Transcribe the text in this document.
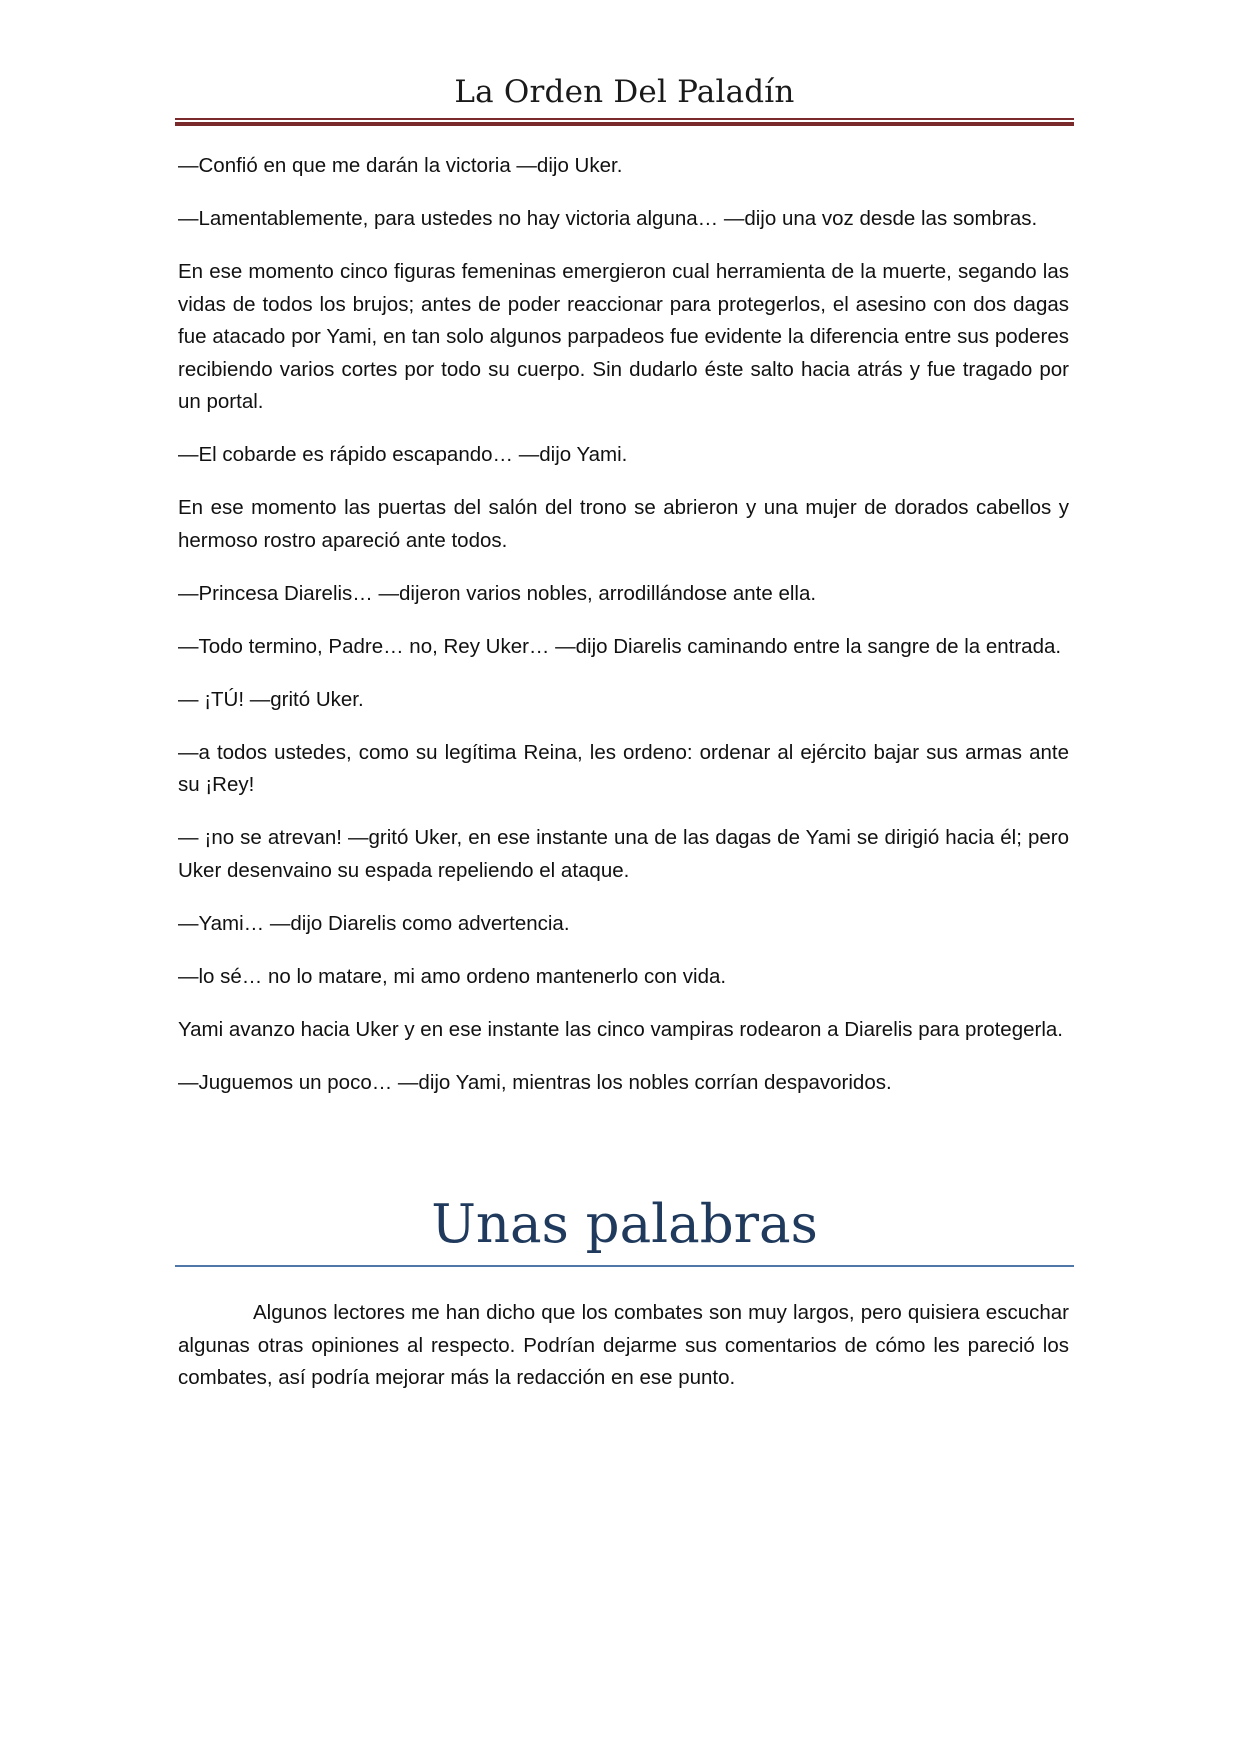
La Orden Del Paladín

—Confió en que me darán la victoria —dijo Uker.

—Lamentablemente, para ustedes no hay victoria alguna… —dijo una voz desde las sombras.

En ese momento cinco figuras femeninas emergieron cual herramienta de la muerte, segando las vidas de todos los brujos; antes de poder reaccionar para protegerlos, el asesino con dos dagas fue atacado por Yami, en tan solo algunos parpadeos fue evidente la diferencia entre sus poderes recibiendo varios cortes por todo su cuerpo. Sin dudarlo éste salto hacia atrás y fue tragado por un portal.

—El cobarde es rápido escapando… —dijo Yami.

En ese momento las puertas del salón del trono se abrieron y una mujer de dorados cabellos y hermoso rostro apareció ante todos.

—Princesa Diarelis… —dijeron varios nobles, arrodillándose ante ella.

—Todo termino, Padre… no, Rey Uker… —dijo Diarelis caminando entre la sangre de la entrada.

— ¡TÚ! —gritó Uker.

—a todos ustedes, como su legítima Reina, les ordeno: ordenar al ejército bajar sus armas ante su ¡Rey!

— ¡no se atrevan! —gritó Uker, en ese instante una de las dagas de Yami se dirigió hacia él; pero Uker desenvaino su espada repeliendo el ataque.

—Yami… —dijo Diarelis como advertencia.

—lo sé… no lo matare, mi amo ordeno mantenerlo con vida.

Yami avanzo hacia Uker y en ese instante las cinco vampiras rodearon a Diarelis para protegerla.

—Juguemos un poco… —dijo Yami, mientras los nobles corrían despavoridos.

Unas palabras

Algunos lectores me han dicho que los combates son muy largos, pero quisiera escuchar algunas otras opiniones al respecto. Podrían dejarme sus comentarios de cómo les pareció los combates, así podría mejorar más la redacción en ese punto.
